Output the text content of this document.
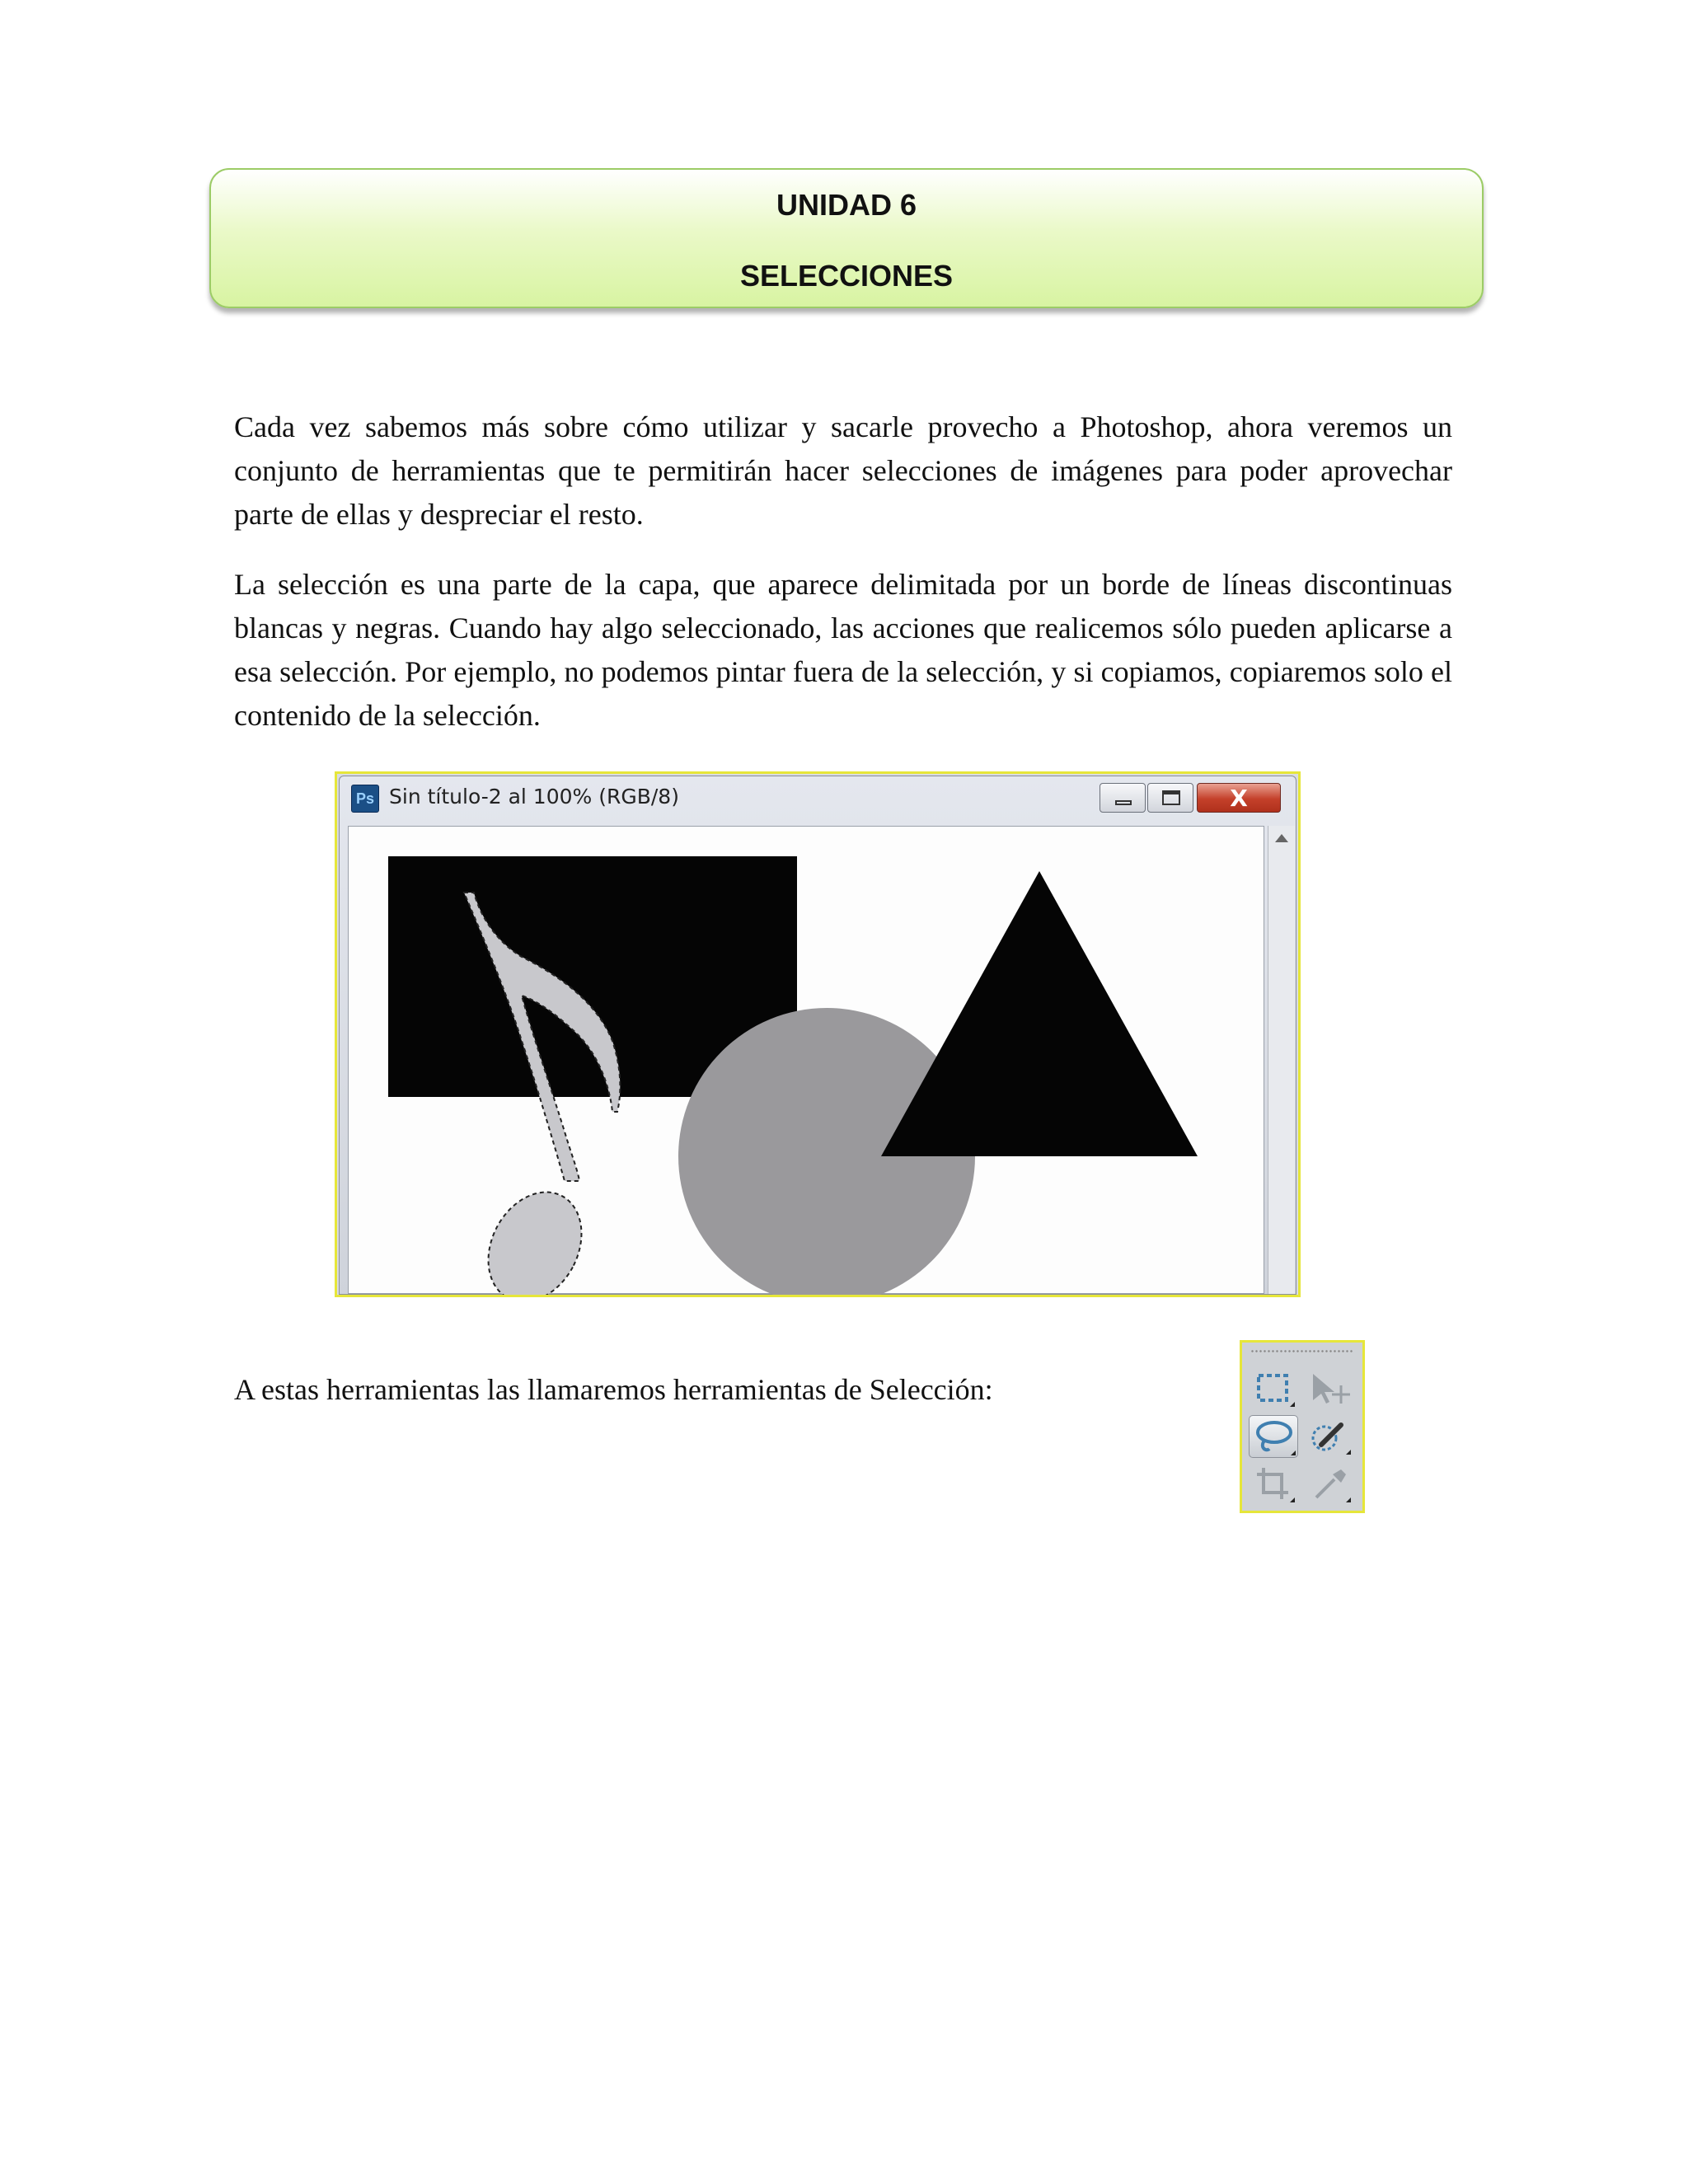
UNIDAD 6
SELECCIONES

Cada vez sabemos más sobre cómo utilizar y sacarle provecho a Photoshop, ahora veremos un conjunto de herramientas que te permitirán hacer selecciones de imágenes para poder aprovechar parte de ellas y despreciar el resto.

La selección es una parte de la capa, que aparece delimitada por un borde de líneas discontinuas blancas y negras. Cuando hay algo seleccionado, las acciones que realicemos sólo pueden aplicarse a esa selección. Por ejemplo, no podemos pintar fuera de la selección, y si copiamos, copiaremos solo el contenido de la selección.

Ps Sin título-2 al 100% (RGB/8)	X

A estas herramientas las llamaremos herramientas de Selección:
